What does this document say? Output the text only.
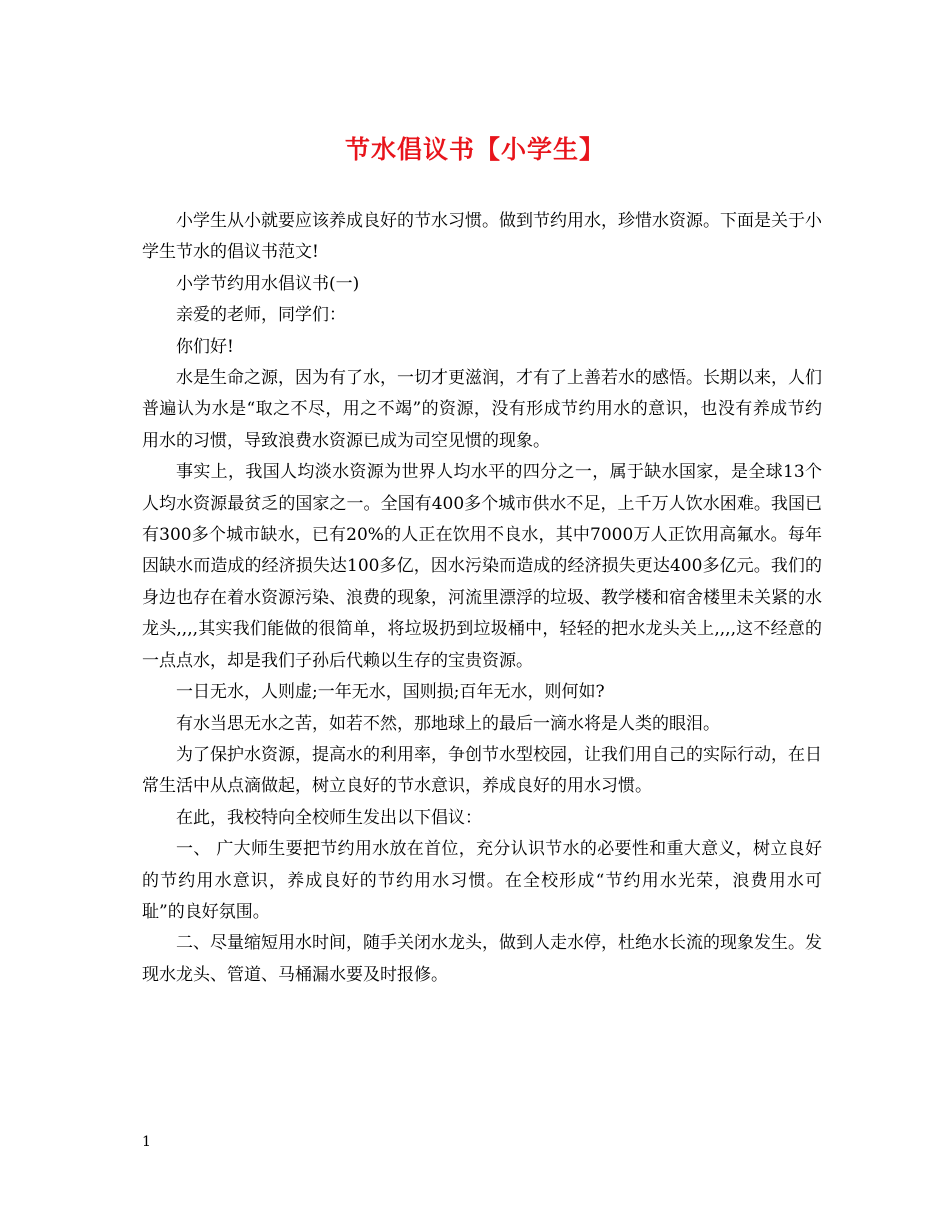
节水倡议书【小学生】

小学生从小就要应该养成良好的节水习惯。做到节约用水，珍惜水资源。下面是关于小学生节水的倡议书范文!

小学节约用水倡议书(一)

亲爱的老师，同学们：

你们好!

水是生命之源，因为有了水，一切才更滋润，才有了上善若水的感悟。长期以来，人们普遍认为水是“取之不尽，用之不竭”的资源，没有形成节约用水的意识，也没有养成节约用水的习惯，导致浪费水资源已成为司空见惯的现象。

事实上，我国人均淡水资源为世界人均水平的四分之一，属于缺水国家，是全球13个人均水资源最贫乏的国家之一。全国有400多个城市供水不足，上千万人饮水困难。我国已有300多个城市缺水，已有20%的人正在饮用不良水，其中7000万人正饮用高氟水。每年因缺水而造成的经济损失达100多亿，因水污染而造成的经济损失更达400多亿元。我们的身边也存在着水资源污染、浪费的现象，河流里漂浮的垃圾、教学楼和宿舍楼里未关紧的水龙头,,,,其实我们能做的很简单，将垃圾扔到垃圾桶中，轻轻的把水龙头关上,,,,这不经意的一点点水，却是我们子孙后代赖以生存的宝贵资源。

一日无水，人则虚;一年无水，国则损;百年无水，则何如?

有水当思无水之苦，如若不然，那地球上的最后一滴水将是人类的眼泪。

为了保护水资源，提高水的利用率，争创节水型校园，让我们用自己的实际行动，在日常生活中从点滴做起，树立良好的节水意识，养成良好的用水习惯。

在此，我校特向全校师生发出以下倡议：

一、 广大师生要把节约用水放在首位，充分认识节水的必要性和重大意义，树立良好的节约用水意识，养成良好的节约用水习惯。在全校形成“节约用水光荣，浪费用水可耻”的良好氛围。

二、尽量缩短用水时间，随手关闭水龙头，做到人走水停，杜绝水长流的现象发生。发现水龙头、管道、马桶漏水要及时报修。

1
